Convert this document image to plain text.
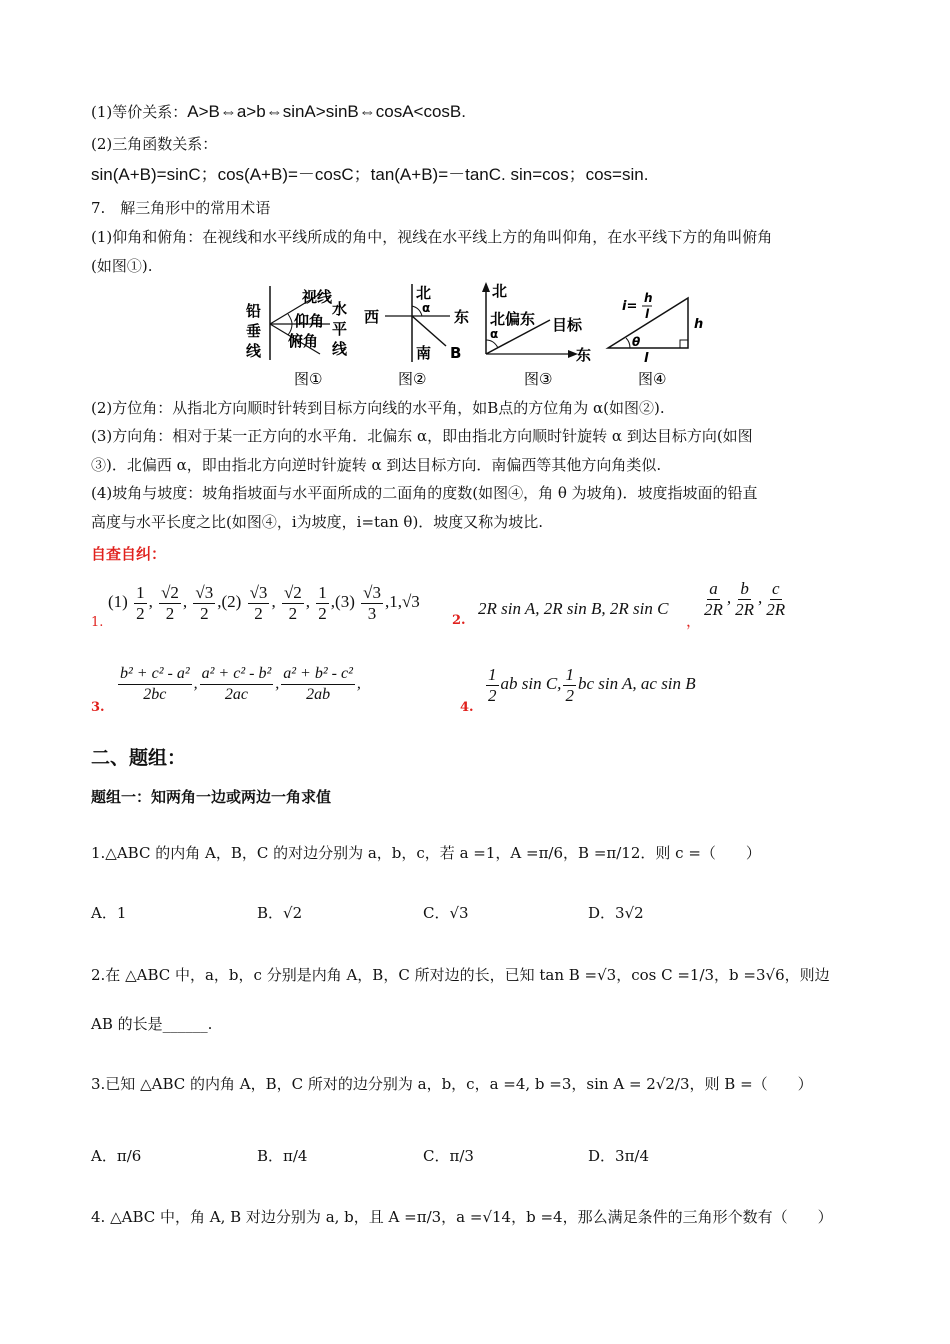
(1)等价关系：A>B⇔a>b⇔sinA>sinB⇔cosA<cosB.
(2)三角函数关系：
sin(A+B)=sinC；cos(A+B)=－cosC；tan(A+B)=－tanC. sin=cos；cos=sin.
7.　解三角形中的常用术语
(1)仰角和俯角：在视线和水平线所成的角中，视线在水平线上方的角叫仰角，在水平线下方的角叫俯角
(如图①).
铅
垂
线
视线
仰角
俯角
水
平
线
图①
北
西	东
南 B
α
图②
北
北偏东 目标
东
α
图③
i=
h
l
h
l
θ
图④
(2)方位角：从指北方向顺时针转到目标方向线的水平角，如B点的方位角为 α(如图②).
(3)方向角：相对于某一正方向的水平角．北偏东 α，即由指北方向顺时针旋转 α 到达目标方向(如图
③)．北偏西 α，即由指北方向逆时针旋转 α 到达目标方向．南偏西等其他方向角类似.
(4)坡角与坡度：坡角指坡面与水平面所成的二面角的度数(如图④，角 θ 为坡角)．坡度指坡面的铅直
高度与水平长度之比(如图④，i为坡度，i=tan θ)．坡度又称为坡比.
自查自纠：
1.
$(1) \frac{1}{2}$ , $\frac{√2}{2}$ , $\frac{√3}{2} ,(2) \frac{√3}{2}$ , $\frac{√2}{2}$ , $\frac{1}{2} ,(3) \frac{√3}{3} ,1,√3$
2.
2R sin A, 2R sin B, 2R sin C
，
$\frac{a}{2R}$ , $\frac{b}{2R}$ , $\frac{c}{2R}$
3.
$\frac{\text{b² + c² - a²}}{2bc}$ , $\frac{\text{a² + c² - b²}}{2ac}$ , $\frac{\text{a² + b² - c²}}{2ab}$ ,
4.
$\frac{1}{2}$ ab sin C, $\frac{1}{2}$ bc sin A, ac sin B
二、题组：
题组一：知两角一边或两边一角求值
1.△ABC 的内角 A，B，C 的对边分别为 a，b，c，若 a =1，A =π/6，B =π/12．则 c =（　　）
A．1	B．√2	C．√3	D．3√2
2.在 △ABC 中，a，b，c 分别是内角 A，B，C 所对边的长，已知 tan B =√3，cos C =1/3，b =3√6，则边
AB 的长是______.
3.已知 △ABC 的内角 A，B，C 所对的边分别为 a，b，c，a =4, b =3，sin A = 2√2/3，则 B =（　　）
A．π/6	B．π/4	C．π/3	D．3π/4
4. △ABC 中，角 A, B 对边分别为 a, b，且 A =π/3，a =√14，b =4，那么满足条件的三角形个数有（　　）
